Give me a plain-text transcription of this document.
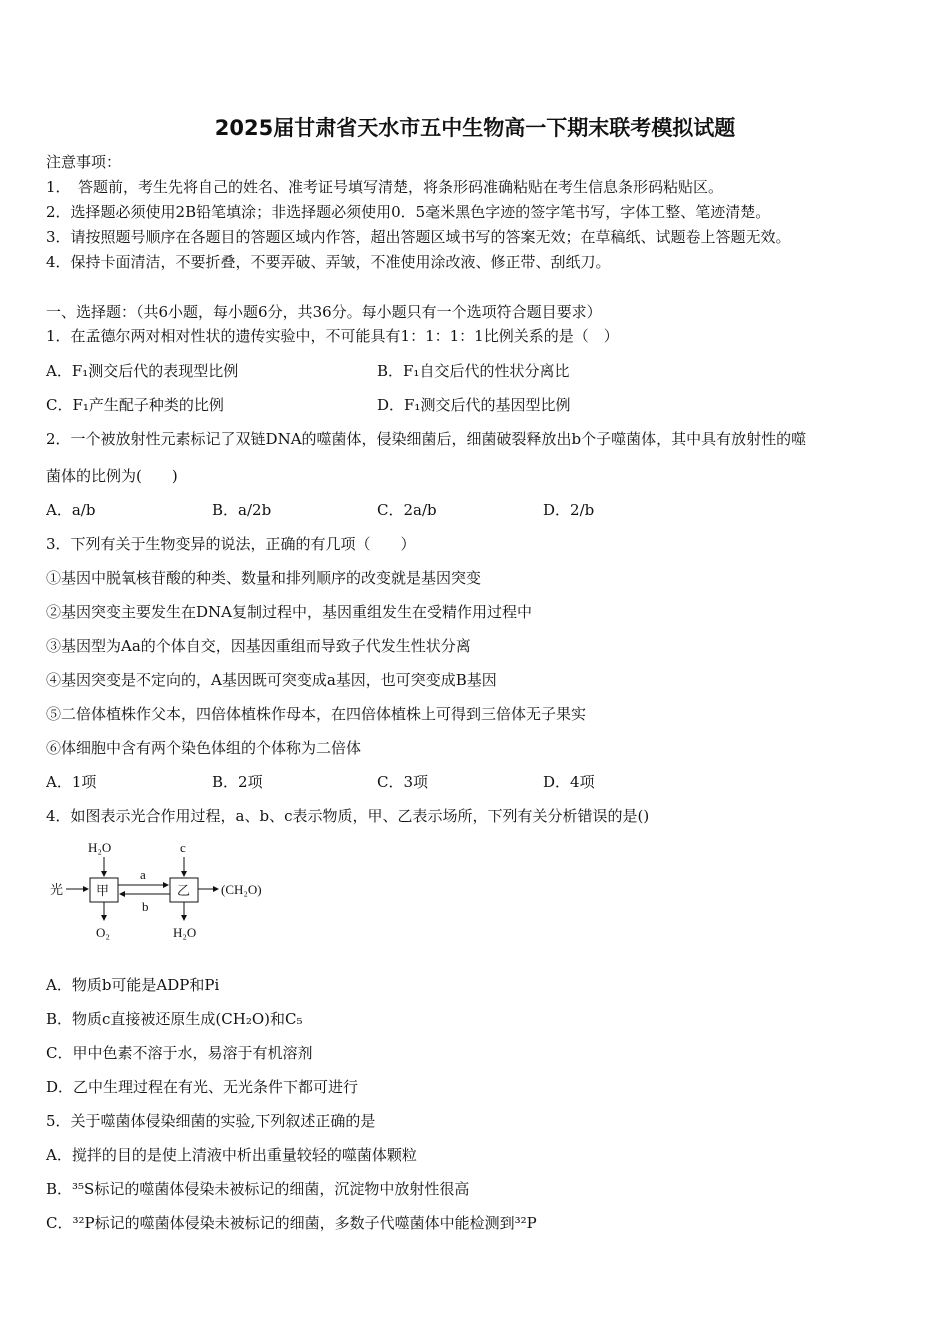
2025届甘肃省天水市五中生物高一下期末联考模拟试题
注意事项：
1．　答题前，考生先将自己的姓名、准考证号填写清楚，将条形码准确粘贴在考生信息条形码粘贴区。
2．选择题必须使用2B铅笔填涂；非选择题必须使用0．5毫米黑色字迹的签字笔书写，字体工整、笔迹清楚。
3．请按照题号顺序在各题目的答题区域内作答，超出答题区域书写的答案无效；在草稿纸、试题卷上答题无效。
4．保持卡面清洁，不要折叠，不要弄破、弄皱，不准使用涂改液、修正带、刮纸刀。
一、选择题：（共6小题，每小题6分，共36分。每小题只有一个选项符合题目要求）
1．在孟德尔两对相对性状的遗传实验中，不可能具有1：1：1：1比例关系的是（　）
A．F₁测交后代的表现型比例	B．F₁自交后代的性状分离比
C．F₁产生配子种类的比例	D．F₁测交后代的基因型比例
2．一个被放射性元素标记了双链DNA的噬菌体，侵染细菌后，细菌破裂释放出b个子噬菌体，其中具有放射性的噬
菌体的比例为(　　)
A．a/b	B．a/2b	C．2a/b	D．2/b
3．下列有关于生物变异的说法，正确的有几项（　　）
①基因中脱氧核苷酸的种类、数量和排列顺序的改变就是基因突变
②基因突变主要发生在DNA复制过程中，基因重组发生在受精作用过程中
③基因型为Aa的个体自交，因基因重组而导致子代发生性状分离
④基因突变是不定向的，A基因既可突变成a基因，也可突变成B基因
⑤二倍体植株作父本，四倍体植株作母本，在四倍体植株上可得到三倍体无子果实
⑥体细胞中含有两个染色体组的个体称为二倍体
A．1项	B．2项	C．3项	D．4项
4．如图表示光合作用过程，a、b、c表示物质，甲、乙表示场所，下列有关分析错误的是()
光	甲
H₂O
O₂
a
b
乙
c
H₂O
(CH₂O)
A．物质b可能是ADP和Pi
B．物质c直接被还原生成(CH₂O)和C₅
C．甲中色素不溶于水，易溶于有机溶剂
D．乙中生理过程在有光、无光条件下都可进行
5．关于噬菌体侵染细菌的实验,下列叙述正确的是
A．搅拌的目的是使上清液中析出重量较轻的噬菌体颗粒
B．³⁵S标记的噬菌体侵染未被标记的细菌，沉淀物中放射性很高
C．³²P标记的噬菌体侵染未被标记的细菌，多数子代噬菌体中能检测到³²P
